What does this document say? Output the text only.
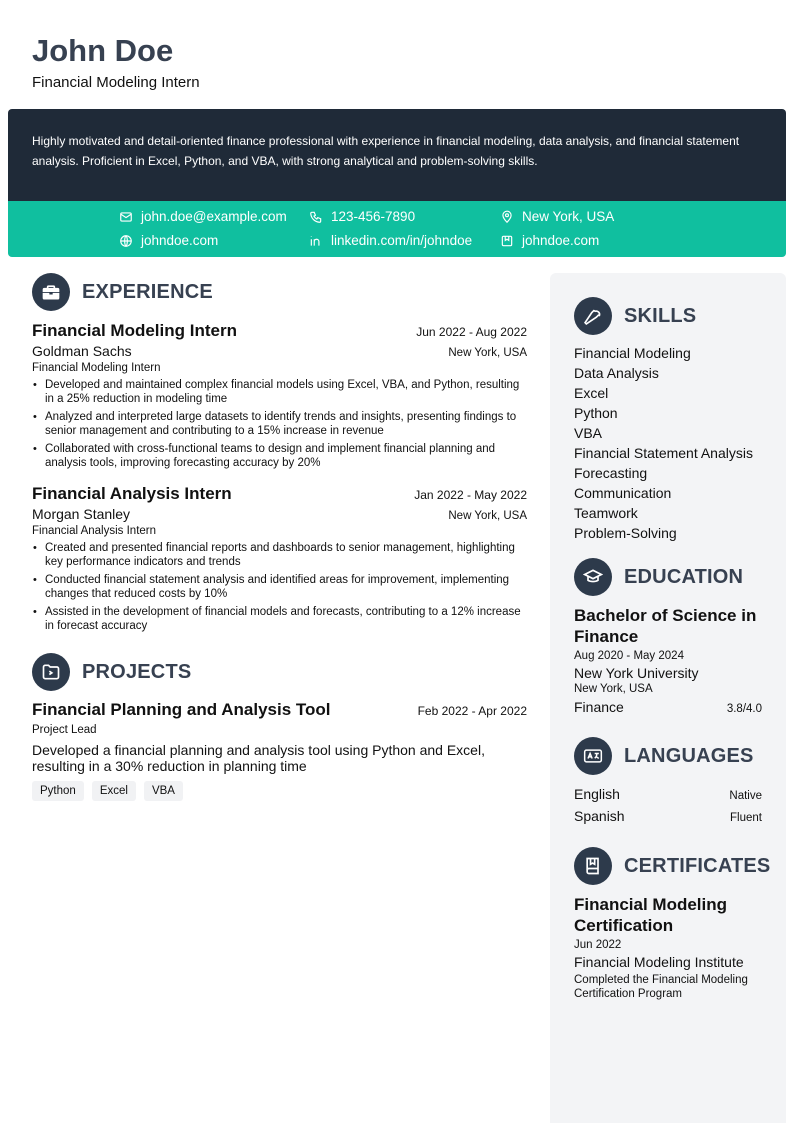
John Doe
Financial Modeling Intern
Highly motivated and detail-oriented finance professional with experience in financial modeling, data analysis, and financial statement analysis. Proficient in Excel, Python, and VBA, with strong analytical and problem-solving skills.
john.doe@example.com	123-456-7890	New York, USA
johndoe.com	linkedin.com/in/johndoe	johndoe.com
EXPERIENCE
Financial Modeling Intern	Jun 2022 - Aug 2022
Goldman Sachs	New York, USA
Financial Modeling Intern
• Developed and maintained complex financial models using Excel, VBA, and Python, resulting in a 25% reduction in modeling time
• Analyzed and interpreted large datasets to identify trends and insights, presenting findings to senior management and contributing to a 15% increase in revenue
• Collaborated with cross-functional teams to design and implement financial planning and analysis tools, improving forecasting accuracy by 20%
Financial Analysis Intern	Jan 2022 - May 2022
Morgan Stanley	New York, USA
Financial Analysis Intern
• Created and presented financial reports and dashboards to senior management, highlighting key performance indicators and trends
• Conducted financial statement analysis and identified areas for improvement, implementing changes that reduced costs by 10%
• Assisted in the development of financial models and forecasts, contributing to a 12% increase in forecast accuracy
PROJECTS
Financial Planning and Analysis Tool	Feb 2022 - Apr 2022
Project Lead
Developed a financial planning and analysis tool using Python and Excel, resulting in a 30% reduction in planning time
Python	Excel	VBA
SKILLS
Financial Modeling
Data Analysis
Excel
Python
VBA
Financial Statement Analysis
Forecasting
Communication
Teamwork
Problem-Solving
EDUCATION
Bachelor of Science in Finance
Aug 2020 - May 2024
New York University
New York, USA
Finance	3.8/4.0
LANGUAGES
English	Native
Spanish	Fluent
CERTIFICATES
Financial Modeling Certification
Jun 2022
Financial Modeling Institute
Completed the Financial Modeling Certification Program
